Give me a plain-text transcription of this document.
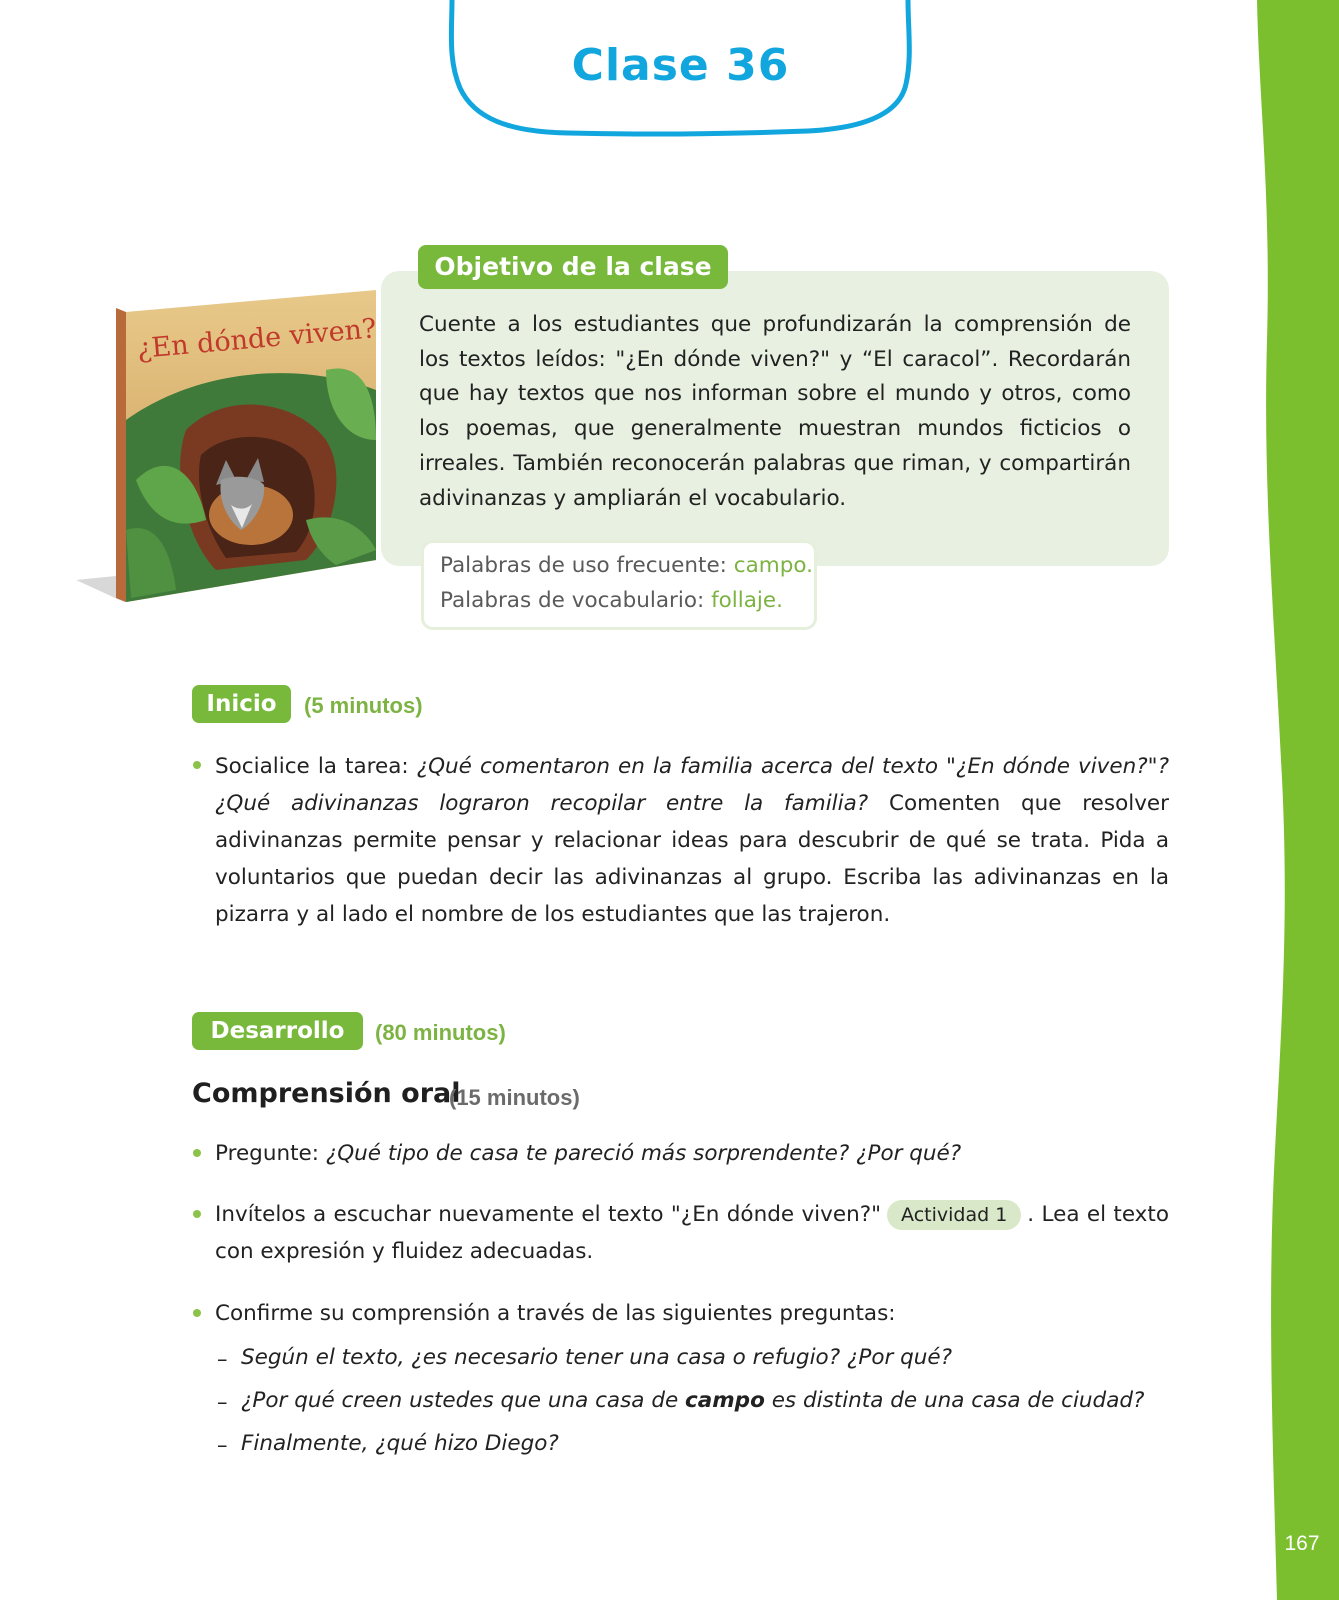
167
Clase 36
¿En dónde viven?
Objetivo de la clase

Cuente a los estudiantes que profundizarán la comprensión de los textos leídos: "¿En dónde viven?" y “El caracol”. Recordarán que hay textos que nos informan sobre el mundo y otros, como los poemas, que generalmente muestran mundos ficticios o irreales. También reconocerán palabras que riman, y compartirán adivinanzas y ampliarán el vocabulario.

Palabras de uso frecuente: campo.
Palabras de vocabulario: follaje.
Inicio	(5 minutos)

Socialice la tarea: ¿Qué comentaron en la familia acerca del texto "¿En dónde viven?"? ¿Qué adivinanzas lograron recopilar entre la familia? Comenten que resolver adivinanzas permite pensar y relacionar ideas para descubrir de qué se trata. Pida a voluntarios que puedan decir las adivinanzas al grupo. Escriba las adivinanzas en la pizarra y al lado el nombre de los estudiantes que las trajeron.

Desarrollo	(80 minutos)
Comprensión oral
(15 minutos)

Pregunte: ¿Qué tipo de casa te pareció más sorprendente? ¿Por qué?

Invítelos a escuchar nuevamente el texto "¿En dónde viven?" Actividad 1 . Lea el texto con expresión y fluidez adecuadas.

Confirme su comprensión a través de las siguientes preguntas:

– Según el texto, ¿es necesario tener una casa o refugio? ¿Por qué?
– ¿Por qué creen ustedes que una casa de campo es distinta de una casa de ciudad?
– Finalmente, ¿qué hizo Diego?
